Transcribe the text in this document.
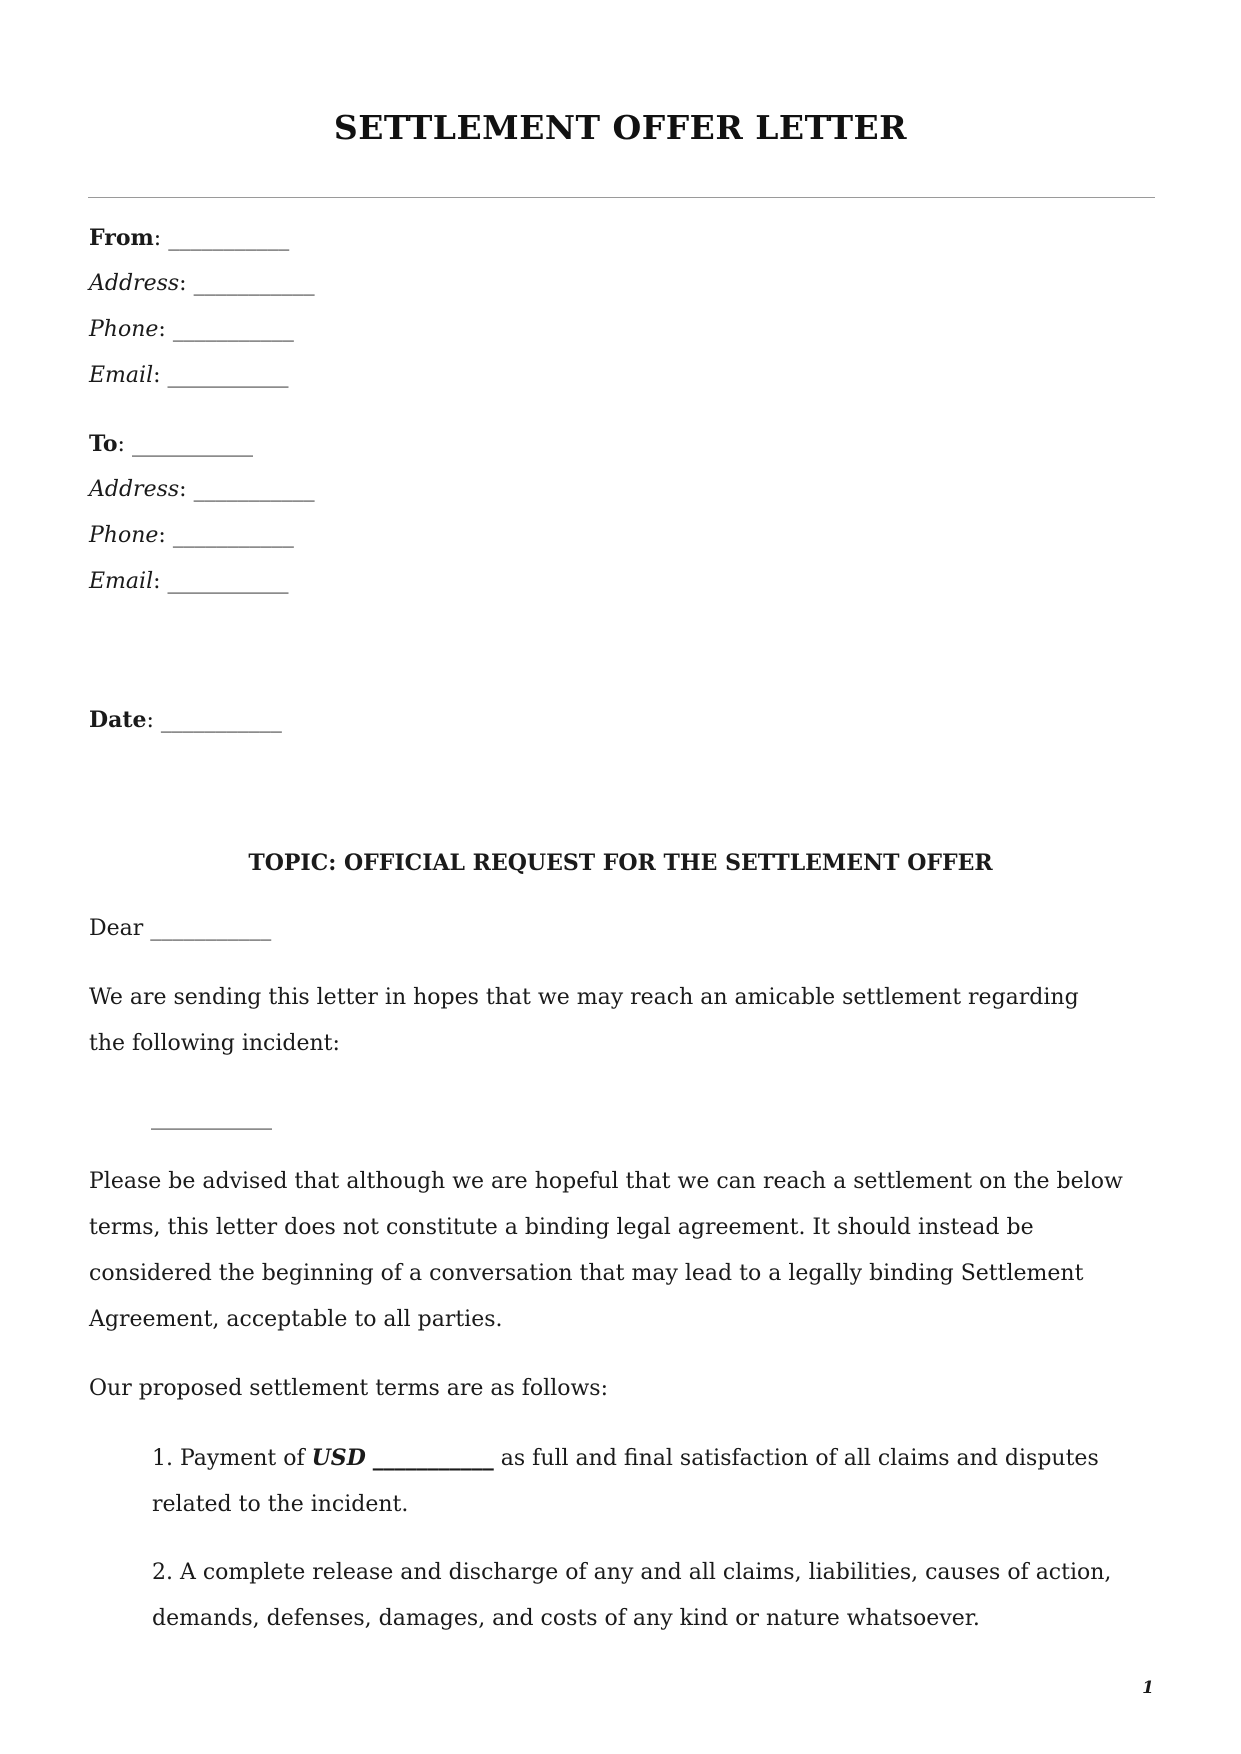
SETTLEMENT OFFER LETTER
From: ___________
Address: ___________
Phone: ___________
Email: ___________
To: ___________
Address: ___________
Phone: ___________
Email: ___________
Date: ___________
TOPIC: OFFICIAL REQUEST FOR THE SETTLEMENT OFFER
Dear ___________
We are sending this letter in hopes that we may reach an amicable settlement regarding the following incident:
___________
Please be advised that although we are hopeful that we can reach a settlement on the below terms, this letter does not constitute a binding legal agreement. It should instead be considered the beginning of a conversation that may lead to a legally binding Settlement Agreement, acceptable to all parties.
Our proposed settlement terms are as follows:
1. Payment of USD ___________ as full and final satisfaction of all claims and disputes related to the incident.
2. A complete release and discharge of any and all claims, liabilities, causes of action, demands, defenses, damages, and costs of any kind or nature whatsoever.
1
